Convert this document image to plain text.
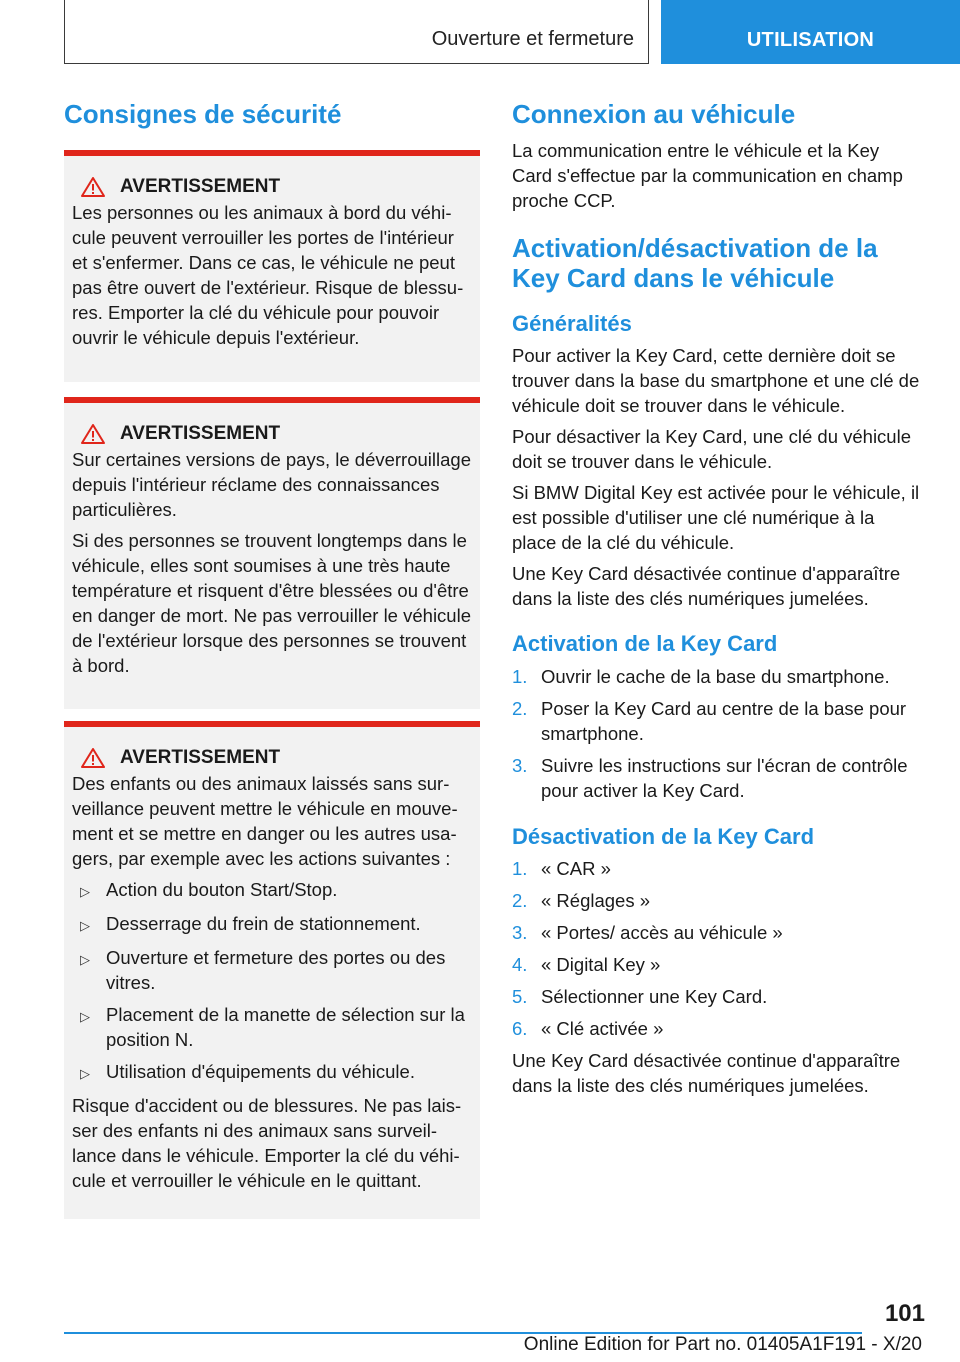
Ouverture et fermeture	UTILISATION
Consignes de sécurité
AVERTISSEMENT

Les personnes ou les animaux à bord du véhicule peuvent verrouiller les portes de l'intérieur et s'enfermer. Dans ce cas, le véhicule ne peut pas être ouvert de l'extérieur. Risque de blessures. Emporter la clé du véhicule pour pouvoir ouvrir le véhicule depuis l'extérieur.

AVERTISSEMENT

Sur certaines versions de pays, le déverrouillage depuis l'intérieur réclame des connaissances particulières.

Si des personnes se trouvent longtemps dans le véhicule, elles sont soumises à une très haute température et risquent d'être blessées ou d'être en danger de mort. Ne pas verrouiller le véhicule de l'extérieur lorsque des personnes se trouvent à bord.

AVERTISSEMENT

Des enfants ou des animaux laissés sans surveillance peuvent mettre le véhicule en mouvement et se mettre en danger ou les autres usagers, par exemple avec les actions suivantes :

▷ Action du bouton Start/Stop.
▷ Desserrage du frein de stationnement.
▷ Ouverture et fermeture des portes ou des vitres.
▷ Placement de la manette de sélection sur la position N.
▷ Utilisation d'équipements du véhicule.

Risque d'accident ou de blessures. Ne pas laisser des enfants ni des animaux sans surveillance dans le véhicule. Emporter la clé du véhicule et verrouiller le véhicule en le quittant.

Connexion au véhicule

La communication entre le véhicule et la Key Card s'effectue par la communication en champ proche CCP.

Activation/désactivation de la Key Card dans le véhicule
Généralités

Pour activer la Key Card, cette dernière doit se trouver dans la base du smartphone et une clé de véhicule doit se trouver dans le véhicule.

Pour désactiver la Key Card, une clé du véhicule doit se trouver dans le véhicule.

Si BMW Digital Key est activée pour le véhicule, il est possible d'utiliser une clé numérique à la place de la clé du véhicule.

Une Key Card désactivée continue d'apparaître dans la liste des clés numériques jumelées.

Activation de la Key Card
1. Ouvrir le cache de la base du smartphone.
2. Poser la Key Card au centre de la base pour smartphone.
3. Suivre les instructions sur l'écran de contrôle pour activer la Key Card.
Désactivation de la Key Card
1. « CAR »
2. « Réglages »
3. « Portes/ accès au véhicule »
4. « Digital Key »
5. Sélectionner une Key Card.
6. « Clé activée »

Une Key Card désactivée continue d'apparaître dans la liste des clés numériques jumelées.

101
Online Edition for Part no. 01405A1F191 - X/20
